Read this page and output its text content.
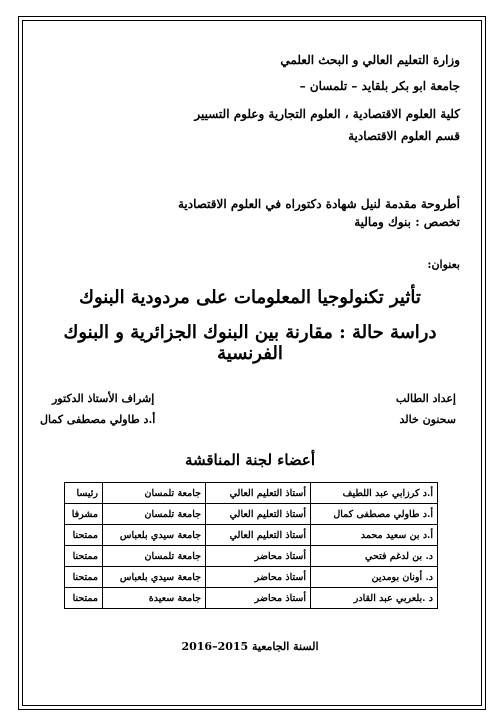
وزارة التعليم العالي و البحث العلمي
جامعة ابو بكر بلقايد – تلمسان –
كلية العلوم الاقتصادية ، العلوم التجارية وعلوم التسيير
قسم العلوم الاقتصادية
أطروحة مقدمة لنيل شهادة دكتوراه في العلوم الاقتصادية
تخصص : بنوك ومالية
بعنوان:
تأثير تكنولوجيا المعلومات على مردودية البنوك
دراسة حالة : مقارنة بين البنوك الجزائرية و البنوك الفرنسية
إعداد الطالب
سحنون خالد
إشراف الأستاذ الدكتور
أ.د طاولي مصطفى كمال
أعضاء لجنة المناقشة
أ.د كرزابي عبد اللطيف	أستاذ التعليم العالي	جامعة تلمسان	رئيسا
أ.د طاولي مصطفى كمال	أستاذ التعليم العالي	جامعة تلمسان	مشرفا
أ.د بن سعيد محمد	أستاذ التعليم العالي	جامعة سيدي بلعباس	ممتحنا
د. بن لدغم فتحي	أستاذ محاضر	جامعة تلمسان	ممتحنا
د. أونان بومدين	أستاذ محاضر	جامعة سيدي بلعباس	ممتحنا
د .بلعربي عبد القادر	أستاذ محاضر	جامعة سعيدة	ممتحنا
السنة الجامعية 2015–2016
